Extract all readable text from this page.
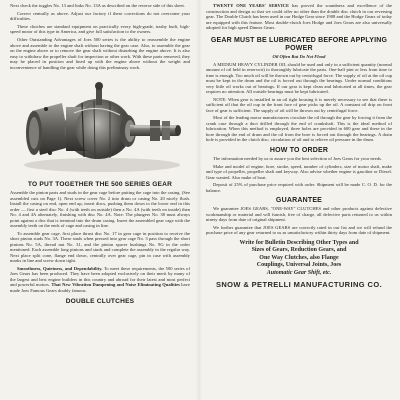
Next check the toggles No. 13 and links No. 13A as described on the reverse side of this sheet.

Correct centrally as above. Adjust our factory if these corrections do not overcome your difficulties.

These clutches are standard equipment on practically every high-grade, trashy built, high-speed motor of this type in America, and give full satisfaction to the owners.

Other Outstanding Advantages of Joes 500 series is the ability to reassemble the engine above and assemble to the engine shaft without having the gear case. Also, to assemble the gear on the engine above or to remove the gear shaft without disturbing the engine above. It is also easy to withdraw the propeller shaft for inspection or other work. With these parts removed, they may be placed in position and lined up with the engine above without the weight and inconvenience of handling the gear while doing this preliminary work.

TO PUT TOGETHER THE 500 SERIES GEAR

Assemble the pinion parts and studs in the gear cage before putting the cage into the casing. (See assembled cuts on Page 1). Next screw cover No. 2 into drum or casing No. 20 nicely flush. Install the casing on end, open end up, insert discs, pushing them down to the lower end in this order — first a steel disc No. 4 (with teeth on outside) then a No. 4A (with teeth on inside) then No. 4 and 4A alternately, finishing with disc No. 4A. Note: The plungers No. 38 must always point against a disc that is terminal into the drum casing. Insert the assembled gear cage with the assembly teeth on the ends of cage and casing in line.

To assemble gear cage, first place thrust disc No. 17 in gear cage in position to receive the short pinion studs No. 3A. These studs when pressed into gear cage No. 3 pass through the short pinions No. 5A, thread nut No. 31, and the pinion spacer bushings No. 9G in the order mentioned. Each assemble long pinions and studs and complete the assembly in the regular way. Next place split cone, flange end down, centrally over gear cage, pin in case with assembly marks in line and screw down tight.

Smoothness, Quietness, and Dependability. To meet these requirements, the 500 series of Joes Gears has been produced. They have been adopted exclusively on their merit by many of the largest and best engine builders in this country and abroad for their latest and most perfect and powerful motors. That New Vibration Dampening and Noise Eliminating Qualities have made Joes Famous Gears doubly famous.

DOUBLE CLUTCHES

TWENTY ONE YEARS' SERVICE has proved the soundness and excellence of the construction and design so that we could offer no other than the double disc clutch in our reversing gear. The Double Clutch has been used in our Hodge Gear since 1908 and the Hodge Gears of today are equipped with this feature. Most double-clutch Joes Hodge and Joes Gears are also universally adopted for high speed Dinnes Gears.

GEAR MUST BE LUBRICATED BEFORE APPLYING POWER
Oil Often But Do Not Flood

A MEDIUM HEAVY CYLINDER OIL should be used and only in a sufficient quantity (normal amount of oil held in reservoir) to thoroughly lubricate the parts. One-half pint or less from time to time is enough. Too much oil will be thrown out by centrifugal force. The supply of oil at the oil cup must be kept in the drum and the oil is forced out through the bearings. Under normal conditions very little oil works out of bearings. If our gear is kept clean and lubricated at all times, the gear requires no attention. All outside bearings must be kept lubricated.

NOTE: When gear is installed in an oil tight housing it is merely necessary to see that there is sufficient oil that the oil cup in the front face of gear picks up the oil. A constant oil drip on front face of gear is sufficient. The supply of oil will be thrown out by centrifugal force.

Most of the leading motor manufacturers circulate the oil through the gear by forcing it from the crank case through a duct drilled through the end of crankshaft. This is the ideal method of lubrication. When this method is employed, three holes are provided in 600 gear and these in the bore through the end of drum and the oil from the bore is forced out through the bearings. A drain hole is provided in the clutch disc, circulation of oil and to relieve oil pressure in the drum.

HOW TO ORDER

The information needed by us to assure you the best selection of Joes Gears for your needs.

Make and model of engine, bore, stroke, speed, number of cylinders, size of motor shaft, make and type of propeller, propeller shaft and keyway. Also advise whether engine is gasoline or Diesel. Gear wanted. Also make of boat.

Deposit of 25% of purchase price required with order. Shipment will be made C. O. D. for the balance.

GUARANTEE

We guarantee JOES GEARS, "ONE-WAY" CLUTCHES and other products against defective workmanship or material and will furnish, free of charge, all defective parts returned to us within ninety days from date of original shipment.

We further guarantee that JOES GEARS are correctly rated in our list and we will refund the purchase price of any gear returned to us as unsatisfactory within thirty days from date of shipment.

Write for Bulletin Describing Other Types and
Sizes of Gears, Reduction Gears, and
One Way Clutches, also Flange
Couplings, Universal Joints, Joes
Automatic Gear Shift, etc.
SNOW & PETRELLI MANUFACTURING CO.
